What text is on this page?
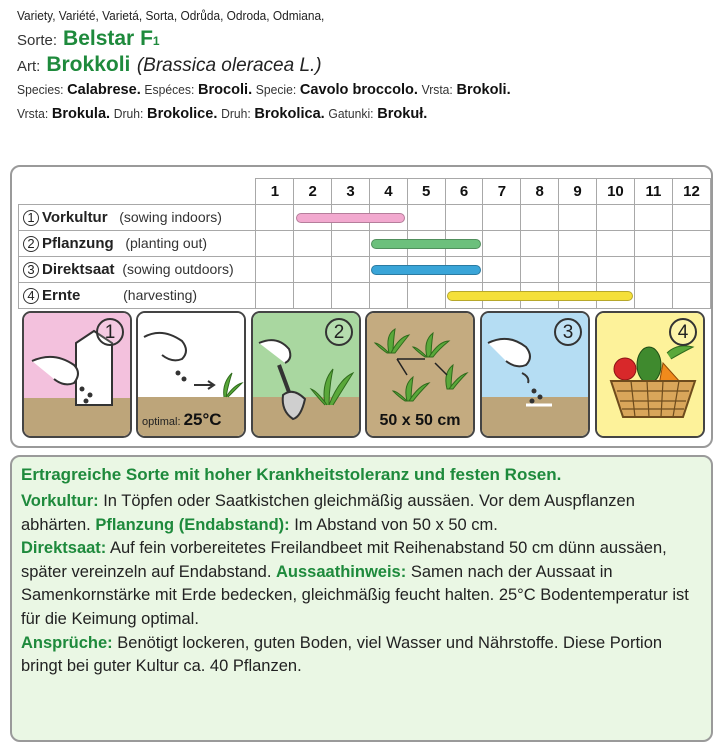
Variety, Variété, Varietá, Sorta, Odrůda, Odroda, Odmiana,
Sorte: Belstar F1
Art: Brokkoli (Brassica oleracea L.)
Species: Calabrese. Espéces: Brocoli. Specie: Cavolo broccolo. Vrsta: Brokoli.
Vrsta: Brokula. Druh: Brokolice. Druh: Brokolica. Gatunki: Brokuł.
	1	2	3	4	5	6	7	8	9	10	11	12
1 Vorkultur (sowing indoors)												
2 Pflanzung (planting out)												
3 Direktsaat (sowing outdoors)												
4 Ernte (harvesting)												
1
optimal: 25°C
2
50 x 50 cm
3	4
Ertragreiche Sorte mit hoher Krankheitstoleranz und festen Rosen.

Vorkultur: In Töpfen oder Saatkistchen gleichmäßig aussäen. Vor dem Auspflanzen abhärten. Pflanzung (Endabstand): Im Abstand von 50 x 50 cm.
Direktsaat: Auf fein vorbereitetes Freilandbeet mit Reihenabstand 50 cm dünn aussäen, später vereinzeln auf Endabstand. Aussaathinweis: Samen nach der Aussaat in Samenkornstärke mit Erde bedecken, gleichmäßig feucht halten. 25°C Bodentemperatur ist für die Keimung optimal.
Ansprüche: Benötigt lockeren, guten Boden, viel Wasser und Nährstoffe. Diese Portion bringt bei guter Kultur ca. 40 Pflanzen.
